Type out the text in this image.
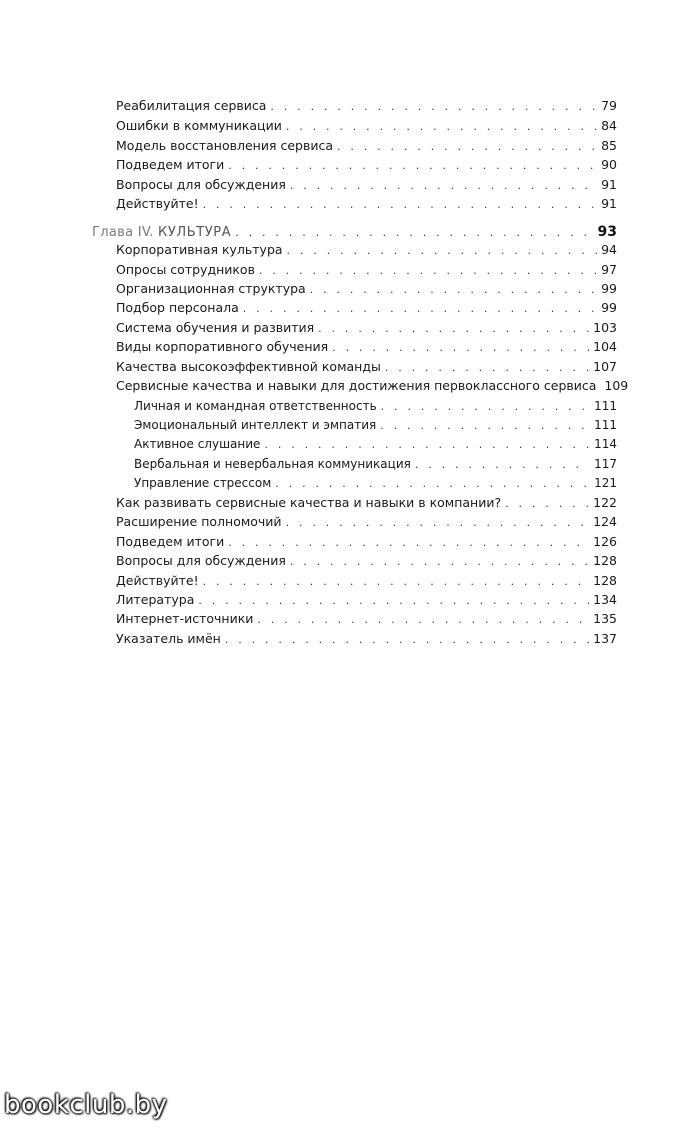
Реабилитация сервиса . . .	79
Ошибки в коммуникации . . .	84
Модель восстановления сервиса . . .	85
Подведем итоги . . .	90
Вопросы для обсуждения . . .	91
Действуйте! . . .	91
Глава IV. КУЛЬТУРА . . .	93
Корпоративная культура . . .	94
Опросы сотрудников . . .	97
Организационная структура . . .	99
Подбор персонала . . .	99
Система обучения и развития . . .	103
Виды корпоративного обучения . . .	104
Качества высокоэффективной команды . . .	107
Сервисные качества и навыки для достижения первоклассного сервиса 109
Личная и командная ответственность . . .	111
Эмоциональный интеллект и эмпатия . . .	111
Активное слушание . . .	114
Вербальная и невербальная коммуникация . . .	117
Управление стрессом . . .	121
Как развивать сервисные качества и навыки в компании? . . .	122
Расширение полномочий . . .	124
Подведем итоги . . .	126
Вопросы для обсуждения . . .	128
Действуйте! . . .	128
Литература . . .	134
Интернет-источники . . .	135
Указатель имён . . .	137
bookclub.by
